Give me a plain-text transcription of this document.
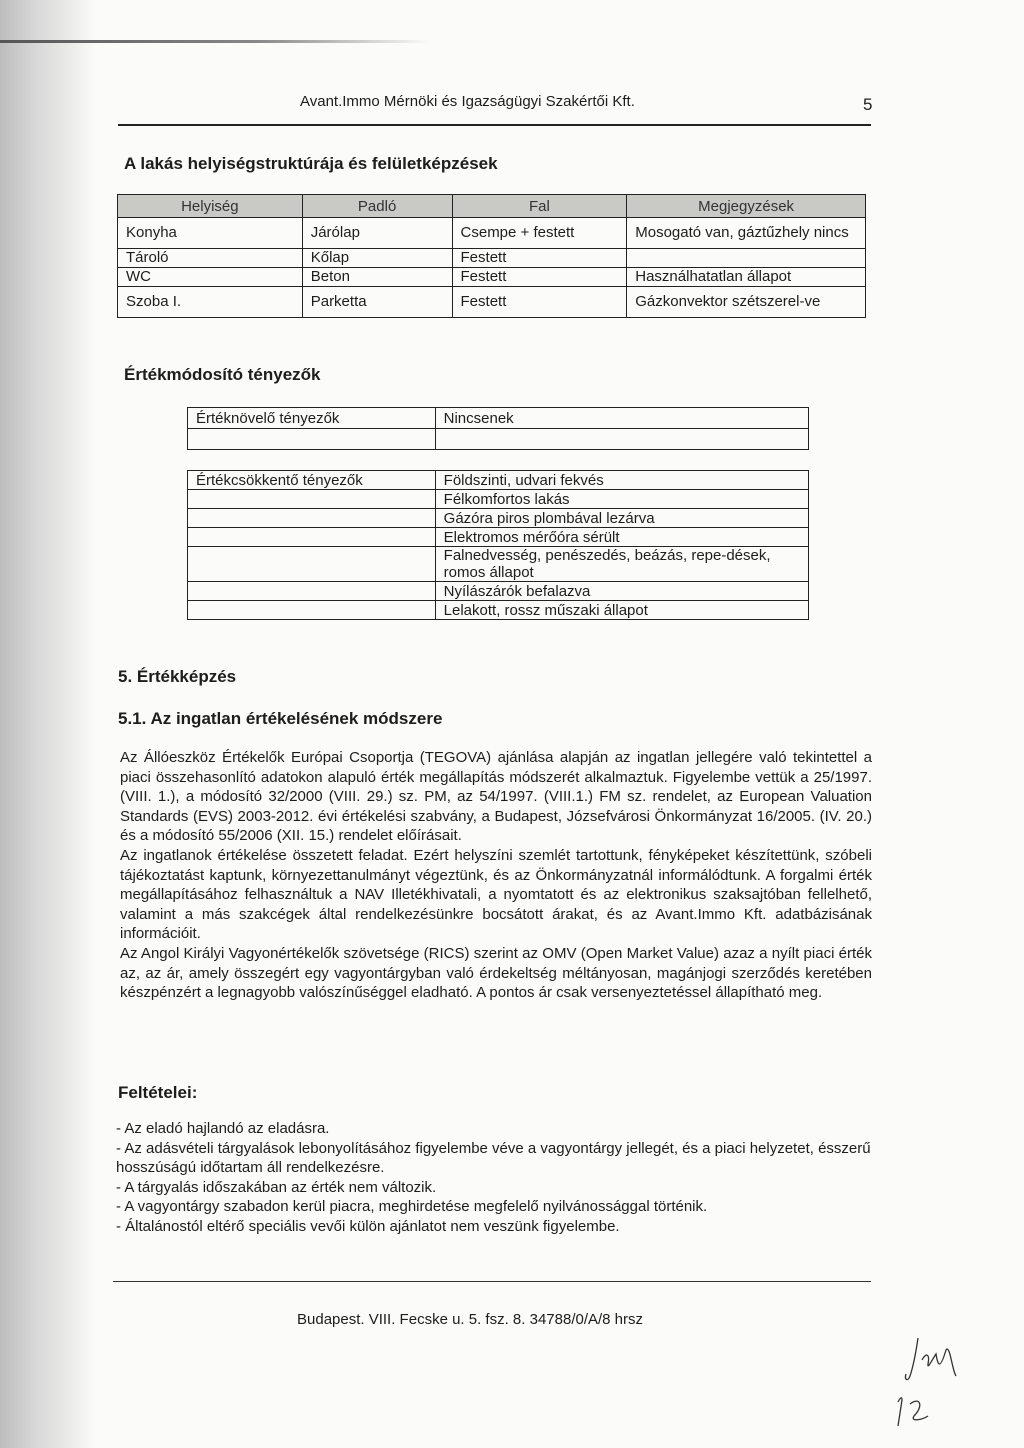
Avant.Immo Mérnöki és Igazságügyi Szakértői Kft.	5
A lakás helyiségstruktúrája és felületképzések
Helyiség	Padló	Fal	Megjegyzések
Konyha	Járólap	Csempe + festett	Mosogató van, gáztűzhely nincs
Tároló	Kőlap	Festett	
WC	Beton	Festett	Használhatatlan állapot
Szoba I.	Parketta	Festett	Gázkonvektor szétszerel-ve
Értékmódosító tényezők
Értéknövelő tényezők	Nincsenek

Értékcsökkentő tényezők	Földszinti, udvari fekvés
	Félkomfortos lakás
	Gázóra piros plombával lezárva
	Elektromos mérőóra sérült
	Falnedvesség, penészedés, beázás, repe-dések, romos állapot
	Nyílászárók befalazva
	Lelakott, rossz műszaki állapot
5. Értékképzés
5.1. Az ingatlan értékelésének módszere

Az Állóeszköz Értékelők Európai Csoportja (TEGOVA) ajánlása alapján az ingatlan jellegére való tekintettel a piaci összehasonlító adatokon alapuló érték megállapítás módszerét alkalmaztuk. Figyelembe vettük a 25/1997. (VIII. 1.), a módosító 32/2000 (VIII. 29.) sz. PM, az 54/1997. (VIII.1.) FM sz. rendelet, az European Valuation Standards (EVS) 2003-2012. évi értékelési szabvány, a Budapest, Józsefvárosi Önkormányzat 16/2005. (IV. 20.) és a módosító 55/2006 (XII. 15.) rendelet előírásait.

Az ingatlanok értékelése összetett feladat. Ezért helyszíni szemlét tartottunk, fényképeket készítettünk, szóbeli tájékoztatást kaptunk, környezettanulmányt végeztünk, és az Önkormányzatnál informálódtunk. A forgalmi érték megállapításához felhasználtuk a NAV Illetékhivatali, a nyomtatott és az elektronikus szaksajtóban fellelhető, valamint a más szakcégek által rendelkezésünkre bocsátott árakat, és az Avant.Immo Kft. adatbázisának információit.

Az Angol Királyi Vagyonértékelők szövetsége (RICS) szerint az OMV (Open Market Value) azaz a nyílt piaci érték az, az ár, amely összegért egy vagyontárgyban való érdekeltség méltányosan, magánjogi szerződés keretében készpénzért a legnagyobb valószínűséggel eladható. A pontos ár csak versenyeztetéssel állapítható meg.

Feltételei:
- Az eladó hajlandó az eladásra.
- Az adásvételi tárgyalások lebonyolításához figyelembe véve a vagyontárgy jellegét, és a piaci helyzetet, ésszerű hosszúságú időtartam áll rendelkezésre.
- A tárgyalás időszakában az érték nem változik.
- A vagyontárgy szabadon kerül piacra, meghirdetése megfelelő nyilvánossággal történik.
- Általánostól eltérő speciális vevői külön ajánlatot nem veszünk figyelembe.
Budapest. VIII. Fecske u. 5. fsz. 8. 34788/0/A/8 hrsz
